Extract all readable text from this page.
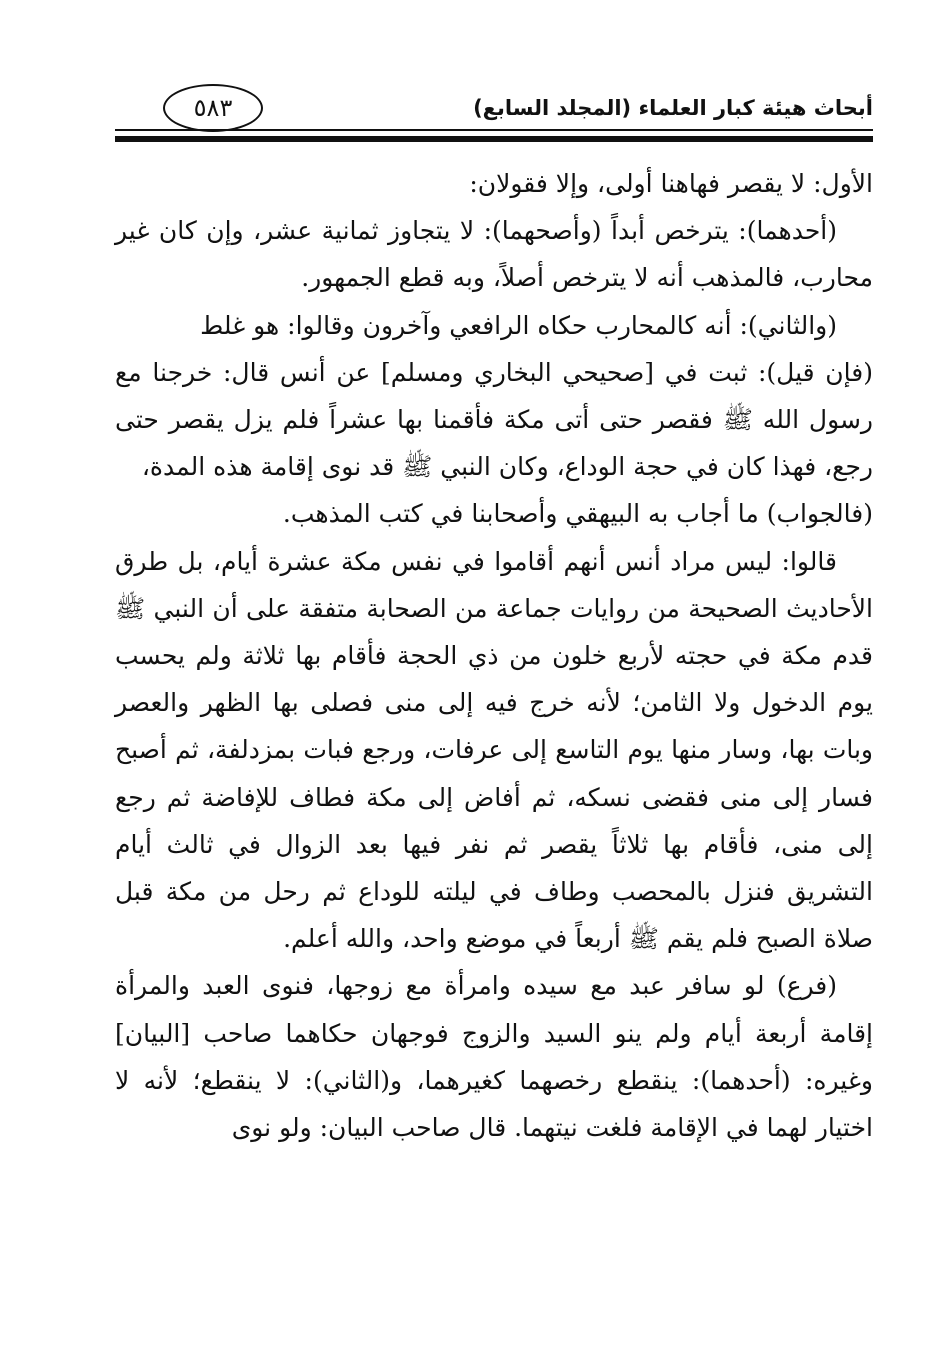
أبحاث هيئة كبار العلماء (المجلد السابع)
٥٨٣

الأول: لا يقصر فهاهنا أولى، وإلا فقولان:

(أحدهما): يترخص أبداً (وأصحهما): لا يتجاوز ثمانية عشر، وإن كان غير محارب، فالمذهب أنه لا يترخص أصلاً، وبه قطع الجمهور.

(والثاني): أنه كالمحارب حكاه الرافعي وآخرون وقالوا: هو غلط

(فإن قيل): ثبت في [صحيحي البخاري ومسلم] عن أنس قال: خرجنا مع رسول الله ﷺ فقصر حتى أتى مكة فأقمنا بها عشراً فلم يزل يقصر حتى رجع، فهذا كان في حجة الوداع، وكان النبي ﷺ قد نوى إقامة هذه المدة،

(فالجواب) ما أجاب به البيهقي وأصحابنا في كتب المذهب.

قالوا: ليس مراد أنس أنهم أقاموا في نفس مكة عشرة أيام، بل طرق الأحاديث الصحيحة من روايات جماعة من الصحابة متفقة على أن النبي ﷺ قدم مكة في حجته لأربع خلون من ذي الحجة فأقام بها ثلاثة ولم يحسب يوم الدخول ولا الثامن؛ لأنه خرج فيه إلى منى فصلى بها الظهر والعصر وبات بها، وسار منها يوم التاسع إلى عرفات، ورجع فبات بمزدلفة، ثم أصبح فسار إلى منى فقضى نسكه، ثم أفاض إلى مكة فطاف للإفاضة ثم رجع إلى منى، فأقام بها ثلاثاً يقصر ثم نفر فيها بعد الزوال في ثالث أيام التشريق فنزل بالمحصب وطاف في ليلته للوداع ثم رحل من مكة قبل صلاة الصبح فلم يقم ﷺ أربعاً في موضع واحد، والله أعلم.

(فرع) لو سافر عبد مع سيده وامرأة مع زوجها، فنوى العبد والمرأة إقامة أربعة أيام ولم ينو السيد والزوج فوجهان حكاهما صاحب [البيان] وغيره: (أحدهما): ينقطع رخصهما كغيرهما، و(الثاني): لا ينقطع؛ لأنه لا اختيار لهما في الإقامة فلغت نيتهما. قال صاحب البيان: ولو نوى
